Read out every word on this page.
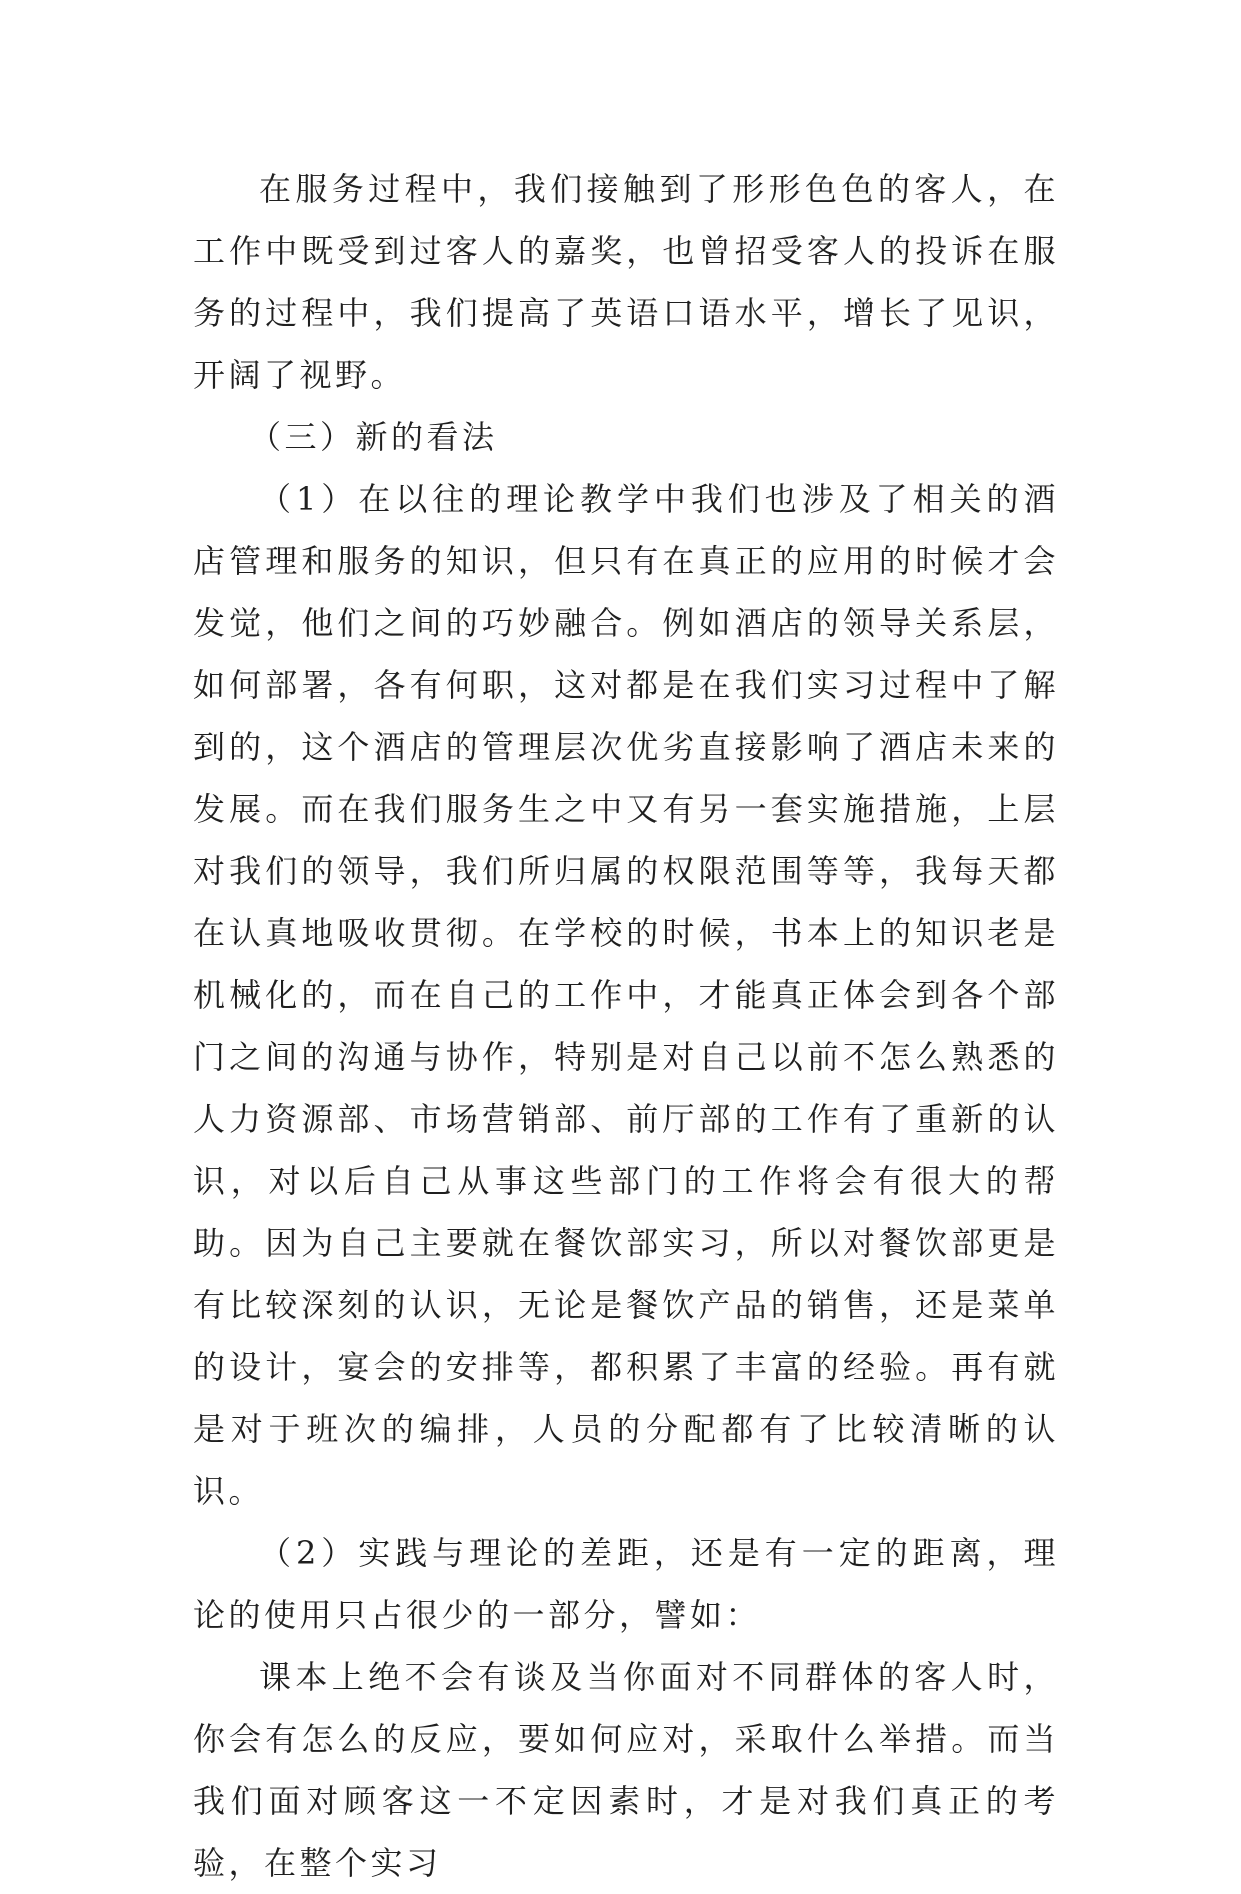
在服务过程中，我们接触到了形形色色的客人，在工作中既受到过客人的嘉奖，也曾招受客人的投诉在服务的过程中，我们提高了英语口语水平，增长了见识，开阔了视野。

（三）新的看法

（1）在以往的理论教学中我们也涉及了相关的酒店管理和服务的知识，但只有在真正的应用的时候才会发觉，他们之间的巧妙融合。例如酒店的领导关系层，如何部署，各有何职，这对都是在我们实习过程中了解到的，这个酒店的管理层次优劣直接影响了酒店未来的发展。而在我们服务生之中又有另一套实施措施，上层对我们的领导，我们所归属的权限范围等等，我每天都在认真地吸收贯彻。在学校的时候，书本上的知识老是机械化的，而在自己的工作中，才能真正体会到各个部门之间的沟通与协作，特别是对自己以前不怎么熟悉的人力资源部、市场营销部、前厅部的工作有了重新的认识，对以后自己从事这些部门的工作将会有很大的帮助。因为自己主要就在餐饮部实习，所以对餐饮部更是有比较深刻的认识，无论是餐饮产品的销售，还是菜单的设计，宴会的安排等，都积累了丰富的经验。再有就是对于班次的编排，人员的分配都有了比较清晰的认识。

（2）实践与理论的差距，还是有一定的距离，理论的使用只占很少的一部分，譬如：

课本上绝不会有谈及当你面对不同群体的客人时，你会有怎么的反应，要如何应对，采取什么举措。而当我们面对顾客这一不定因素时，才是对我们真正的考验，在整个实习
